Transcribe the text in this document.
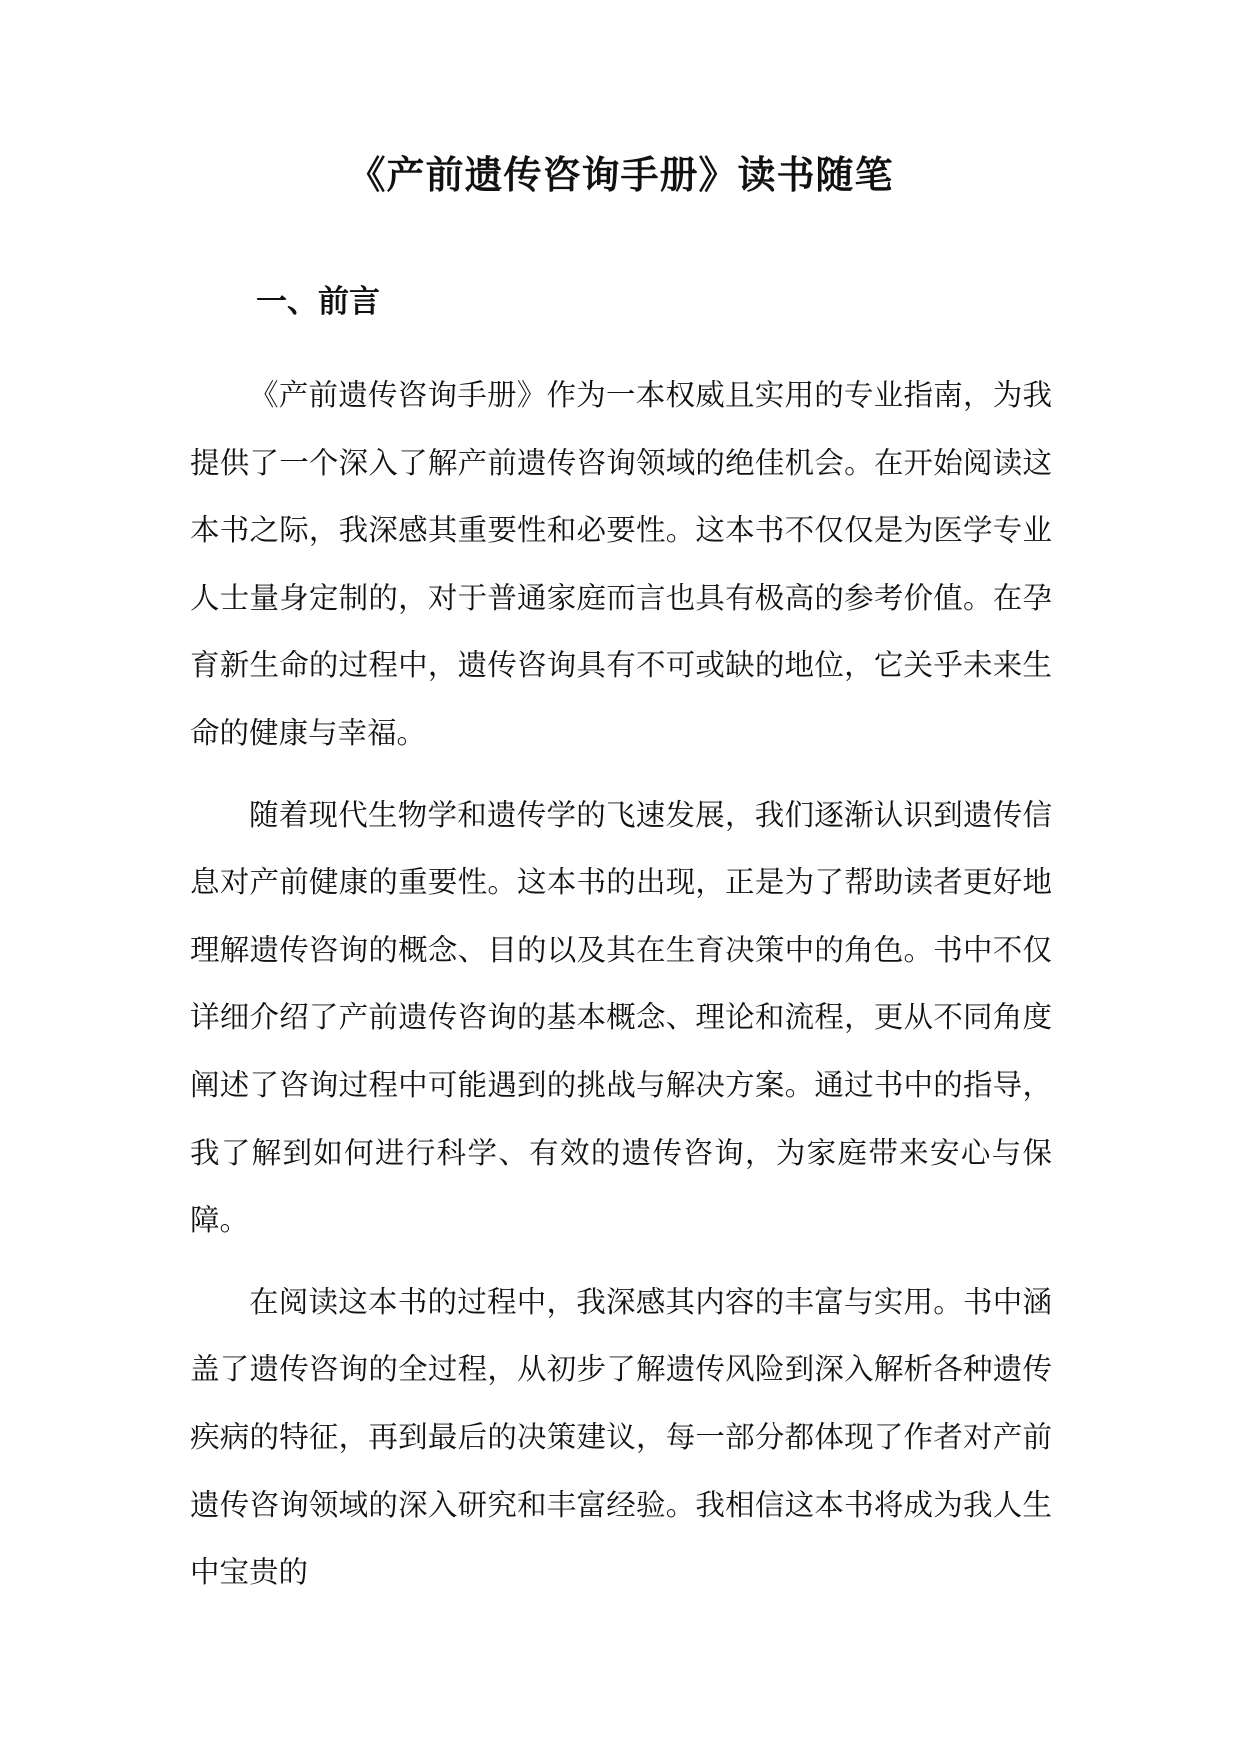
《产前遗传咨询手册》读书随笔
一、前言

《产前遗传咨询手册》作为一本权威且实用的专业指南，为我提供了一个深入了解产前遗传咨询领域的绝佳机会。在开始阅读这本书之际，我深感其重要性和必要性。这本书不仅仅是为医学专业人士量身定制的，对于普通家庭而言也具有极高的参考价值。在孕育新生命的过程中，遗传咨询具有不可或缺的地位，它关乎未来生命的健康与幸福。

随着现代生物学和遗传学的飞速发展，我们逐渐认识到遗传信息对产前健康的重要性。这本书的出现，正是为了帮助读者更好地理解遗传咨询的概念、目的以及其在生育决策中的角色。书中不仅详细介绍了产前遗传咨询的基本概念、理论和流程，更从不同角度阐述了咨询过程中可能遇到的挑战与解决方案。通过书中的指导，我了解到如何进行科学、有效的遗传咨询，为家庭带来安心与保障。

在阅读这本书的过程中，我深感其内容的丰富与实用。书中涵盖了遗传咨询的全过程，从初步了解遗传风险到深入解析各种遗传疾病的特征，再到最后的决策建议，每一部分都体现了作者对产前遗传咨询领域的深入研究和丰富经验。我相信这本书将成为我人生中宝贵的
